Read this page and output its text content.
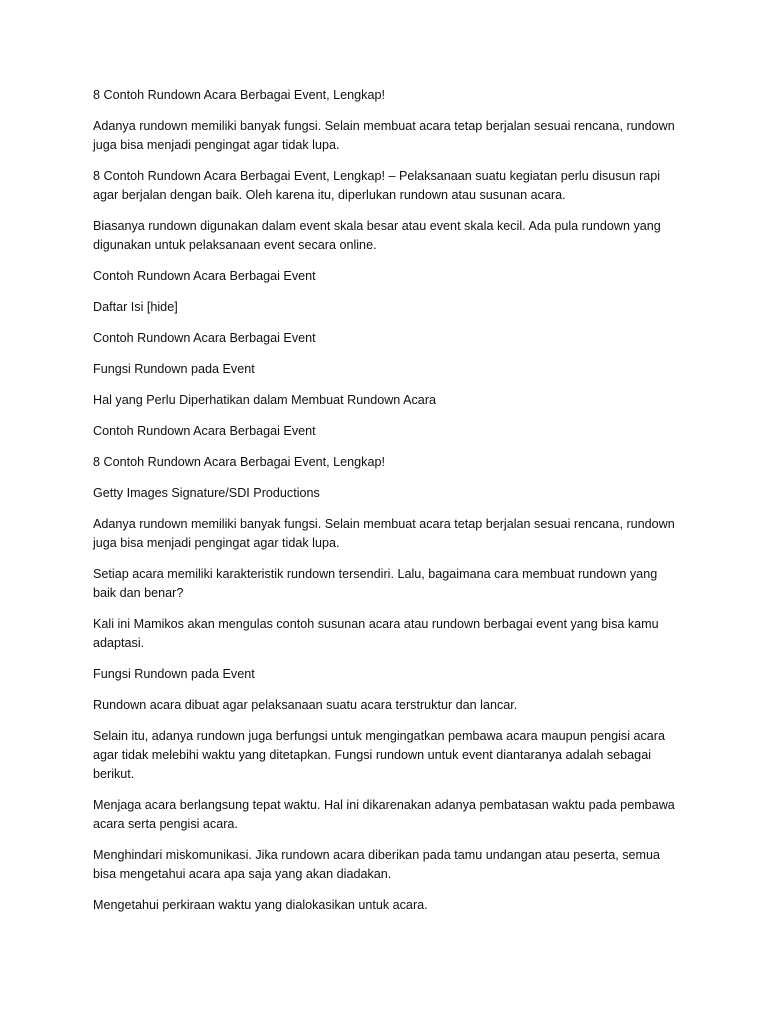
8 Contoh Rundown Acara Berbagai Event, Lengkap!

Adanya rundown memiliki banyak fungsi. Selain membuat acara tetap berjalan sesuai rencana, rundown juga bisa menjadi pengingat agar tidak lupa.

8 Contoh Rundown Acara Berbagai Event, Lengkap! – Pelaksanaan suatu kegiatan perlu disusun rapi agar berjalan dengan baik. Oleh karena itu, diperlukan rundown atau susunan acara.

Biasanya rundown digunakan dalam event skala besar atau event skala kecil. Ada pula rundown yang digunakan untuk pelaksanaan event secara online.

Contoh Rundown Acara Berbagai Event

Daftar Isi [hide]

Contoh Rundown Acara Berbagai Event

Fungsi Rundown pada Event

Hal yang Perlu Diperhatikan dalam Membuat Rundown Acara

Contoh Rundown Acara Berbagai Event

8 Contoh Rundown Acara Berbagai Event, Lengkap!

Getty Images Signature/SDI Productions

Adanya rundown memiliki banyak fungsi. Selain membuat acara tetap berjalan sesuai rencana, rundown juga bisa menjadi pengingat agar tidak lupa.

Setiap acara memiliki karakteristik rundown tersendiri. Lalu, bagaimana cara membuat rundown yang baik dan benar?

Kali ini Mamikos akan mengulas contoh susunan acara atau rundown berbagai event yang bisa kamu adaptasi.

Fungsi Rundown pada Event

Rundown acara dibuat agar pelaksanaan suatu acara terstruktur dan lancar.

Selain itu, adanya rundown juga berfungsi untuk mengingatkan pembawa acara maupun pengisi acara agar tidak melebihi waktu yang ditetapkan. Fungsi rundown untuk event diantaranya adalah sebagai berikut.

Menjaga acara berlangsung tepat waktu. Hal ini dikarenakan adanya pembatasan waktu pada pembawa acara serta pengisi acara.

Menghindari miskomunikasi. Jika rundown acara diberikan pada tamu undangan atau peserta, semua bisa mengetahui acara apa saja yang akan diadakan.

Mengetahui perkiraan waktu yang dialokasikan untuk acara.
